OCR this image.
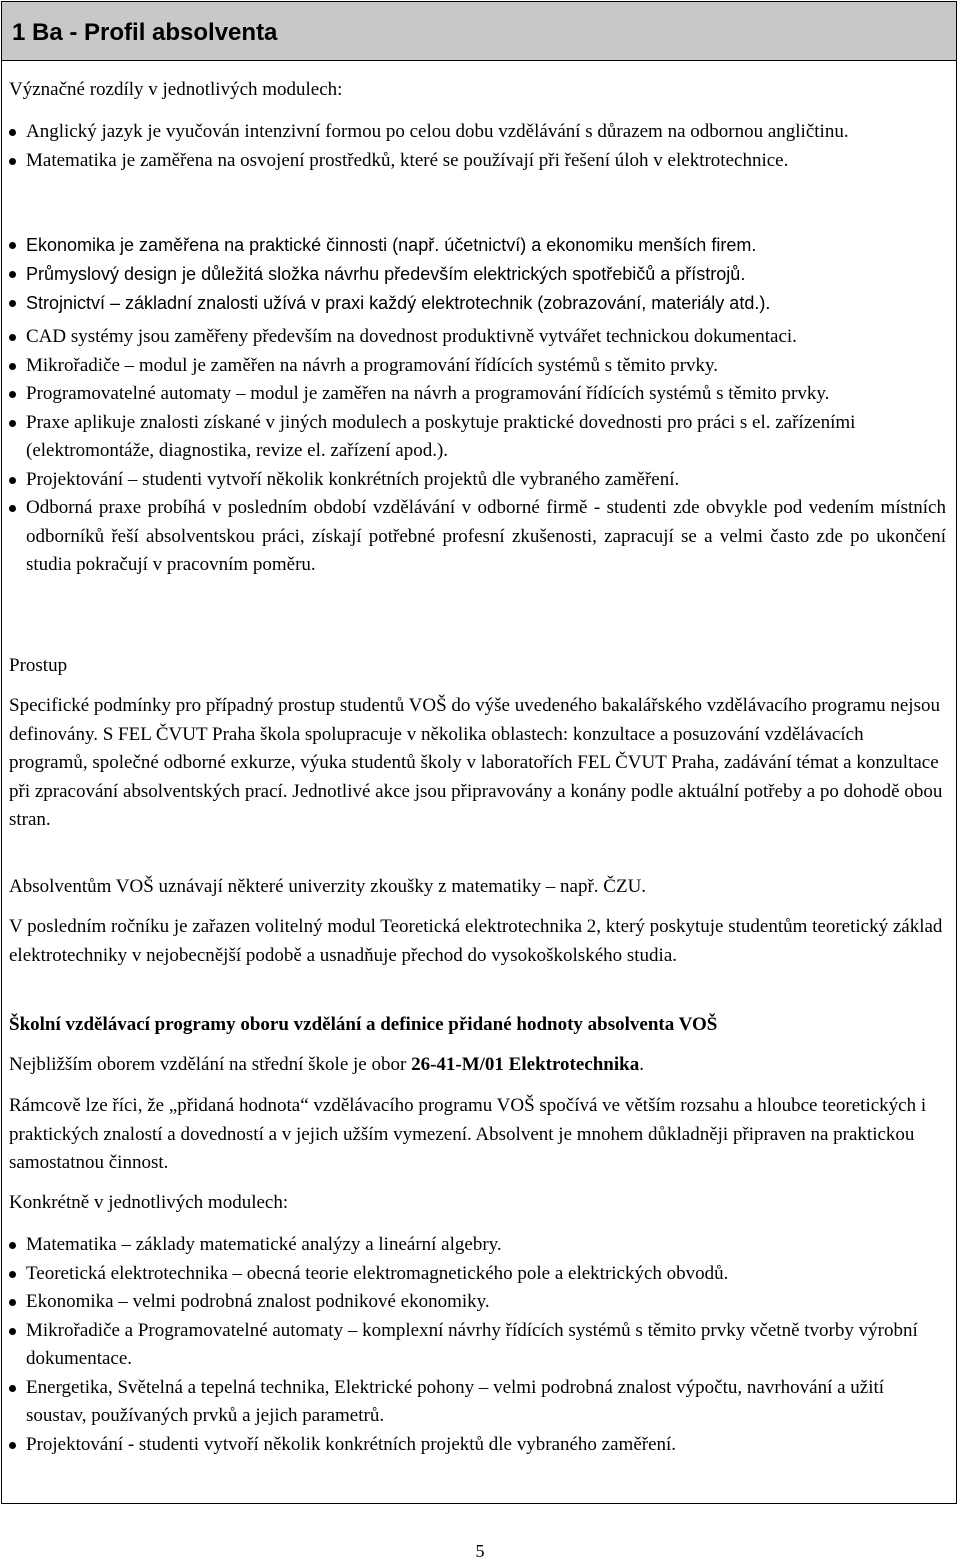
1 Ba - Profil absolventa
Význačné rozdíly v jednotlivých modulech:
Anglický jazyk je vyučován intenzivní formou po celou dobu vzdělávání s důrazem na odbornou angličtinu.
Matematika je zaměřena na osvojení prostředků, které se používají při řešení úloh v elektrotechnice.
Ekonomika je zaměřena na praktické činnosti (např. účetnictví) a ekonomiku menších firem.
Průmyslový design je důležitá složka návrhu především elektrických spotřebičů a přístrojů.
Strojnictví – základní znalosti užívá v praxi každý elektrotechnik (zobrazování, materiály atd.).
CAD systémy jsou zaměřeny především na dovednost produktivně vytvářet technickou dokumentaci.
Mikrořadiče – modul je zaměřen na návrh a programování řídících systémů s těmito prvky.
Programovatelné automaty – modul je zaměřen na návrh a programování řídících systémů s těmito prvky.
Praxe aplikuje znalosti získané v jiných modulech a poskytuje praktické dovednosti pro práci s el. zařízeními (elektromontáže, diagnostika, revize el. zařízení apod.).
Projektování – studenti vytvoří několik konkrétních projektů dle vybraného zaměření.
Odborná praxe probíhá v posledním období vzdělávání v odborné firmě - studenti zde obvykle pod vedením místních odborníků řeší absolventskou práci, získají potřebné profesní zkušenosti, zapracují se a velmi často zde po ukončení studia pokračují v pracovním poměru.
Prostup

Specifické podmínky pro případný prostup studentů VOŠ do výše uvedeného bakalářského vzdělávacího programu nejsou definovány. S FEL ČVUT Praha škola spolupracuje v několika oblastech: konzultace a posuzování vzdělávacích programů, společné odborné exkurze, výuka studentů školy v laboratořích FEL ČVUT Praha, zadávání témat a konzultace při zpracování absolventských prací. Jednotlivé akce jsou připravovány a konány podle aktuální potřeby a po dohodě obou stran.

Absolventům VOŠ uznávají některé univerzity zkoušky z matematiky – např. ČZU.

V posledním ročníku je zařazen volitelný modul Teoretická elektrotechnika 2, který poskytuje studentům teoretický základ elektrotechniky v nejobecnější podobě a usnadňuje přechod do vysokoškolského studia.

Školní vzdělávací programy oboru vzdělání a definice přidané hodnoty absolventa VOŠ

Nejbližším oborem vzdělání na střední škole je obor 26-41-M/01 Elektrotechnika.

Rámcově lze říci, že „přidaná hodnota“ vzdělávacího programu VOŠ spočívá ve větším rozsahu a hloubce teoretických i praktických znalostí a dovedností a v jejich užším vymezení. Absolvent je mnohem důkladněji připraven na praktickou samostatnou činnost.

Konkrétně v jednotlivých modulech:
Matematika – základy matematické analýzy a lineární algebry.
Teoretická elektrotechnika – obecná teorie elektromagnetického pole a elektrických obvodů.
Ekonomika – velmi podrobná znalost podnikové ekonomiky.
Mikrořadiče a Programovatelné automaty – komplexní návrhy řídících systémů s těmito prvky včetně tvorby výrobní dokumentace.
Energetika, Světelná a tepelná technika, Elektrické pohony – velmi podrobná znalost výpočtu, navrhování a užití soustav, používaných prvků a jejich parametrů.
Projektování - studenti vytvoří několik konkrétních projektů dle vybraného zaměření.
5
